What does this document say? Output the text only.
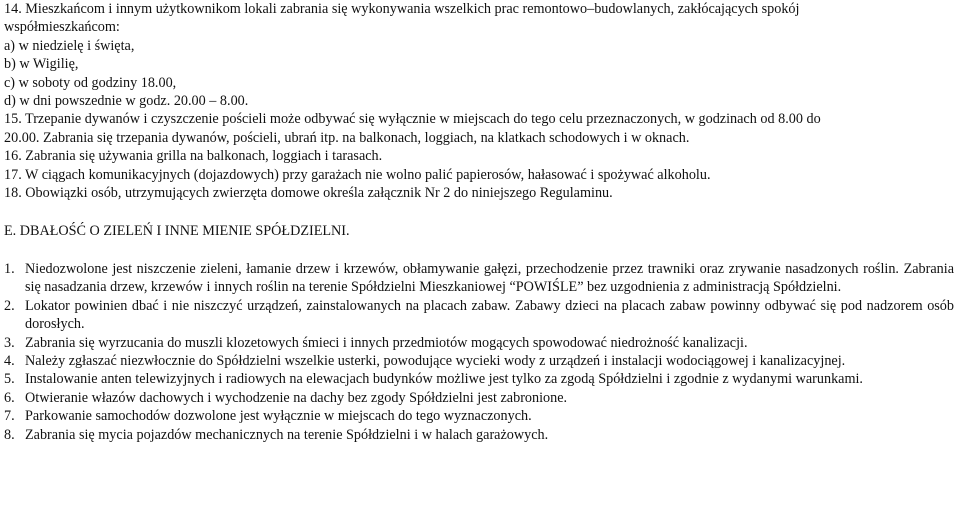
14. Mieszkańcom i innym użytkownikom lokali zabrania się wykonywania wszelkich prac remontowo–budowlanych, zakłócających spokój

współmieszkańcom:

a) w niedzielę i święta,

b) w Wigilię,

c) w soboty od godziny 18.00,

d) w dni powszednie w godz. 20.00 – 8.00.

15. Trzepanie dywanów i czyszczenie pościeli może odbywać się wyłącznie w miejscach do tego celu przeznaczonych, w godzinach od 8.00 do

20.00. Zabrania się trzepania dywanów, pościeli, ubrań itp. na balkonach, loggiach, na klatkach schodowych i w oknach.

16. Zabrania się używania grilla na balkonach, loggiach i tarasach.

17. W ciągach komunikacyjnych (dojazdowych) przy garażach nie wolno palić papierosów, hałasować i spożywać alkoholu.

18. Obowiązki osób, utrzymujących zwierzęta domowe określa załącznik Nr 2 do niniejszego Regulaminu.

E. DBAŁOŚĆ O ZIELEŃ I INNE MIENIE SPÓŁDZIELNI.

1. Niedozwolone jest niszczenie zieleni, łamanie drzew i krzewów, obłamywanie gałęzi, przechodzenie przez trawniki oraz zrywanie nasadzonych roślin. Zabrania się nasadzania drzew, krzewów i innych roślin na terenie Spółdzielni Mieszkaniowej “POWIŚLE” bez uzgodnienia z administracją Spółdzielni.
2. Lokator powinien dbać i nie niszczyć urządzeń, zainstalowanych na placach zabaw. Zabawy dzieci na placach zabaw powinny odbywać się pod nadzorem osób dorosłych.
3. Zabrania się wyrzucania do muszli klozetowych śmieci i innych przedmiotów mogących spowodować niedrożność kanalizacji.
4. Należy zgłaszać niezwłocznie do Spółdzielni wszelkie usterki, powodujące wycieki wody z urządzeń i instalacji wodociągowej i kanalizacyjnej.
5. Instalowanie anten telewizyjnych i radiowych na elewacjach budynków możliwe jest tylko za zgodą Spółdzielni i zgodnie z wydanymi warunkami.
6. Otwieranie włazów dachowych i wychodzenie na dachy bez zgody Spółdzielni jest zabronione.
7. Parkowanie samochodów dozwolone jest wyłącznie w miejscach do tego wyznaczonych.
8. Zabrania się mycia pojazdów mechanicznych na terenie Spółdzielni i w halach garażowych.
